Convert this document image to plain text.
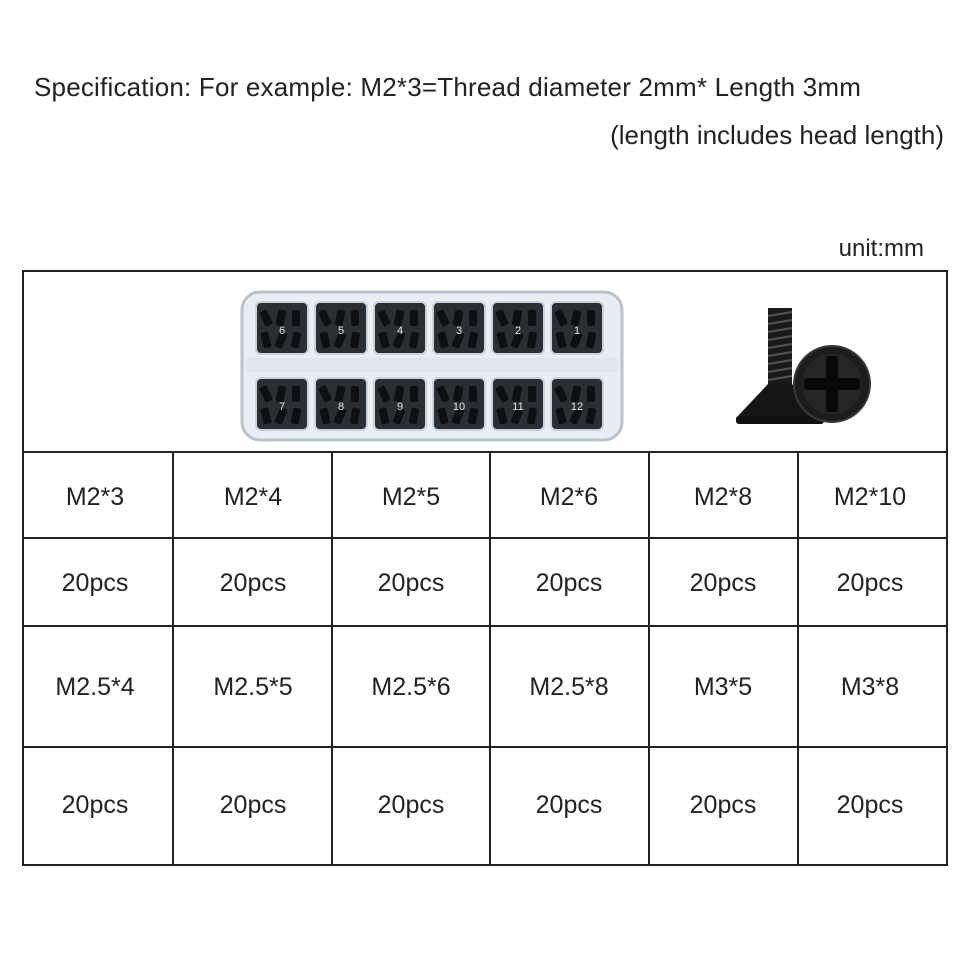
Specification: For example: M2*3=Thread diameter 2mm* Length 3mm
(length includes head length)
unit:mm
6	5	4	3	2	1
7	8	9	10	11	12
M2*3	M2*4	M2*5	M2*6	M2*8	M2*10
20pcs	20pcs	20pcs	20pcs	20pcs	20pcs
M2.5*4	M2.5*5	M2.5*6	M2.5*8	M3*5	M3*8
20pcs	20pcs	20pcs	20pcs	20pcs	20pcs
